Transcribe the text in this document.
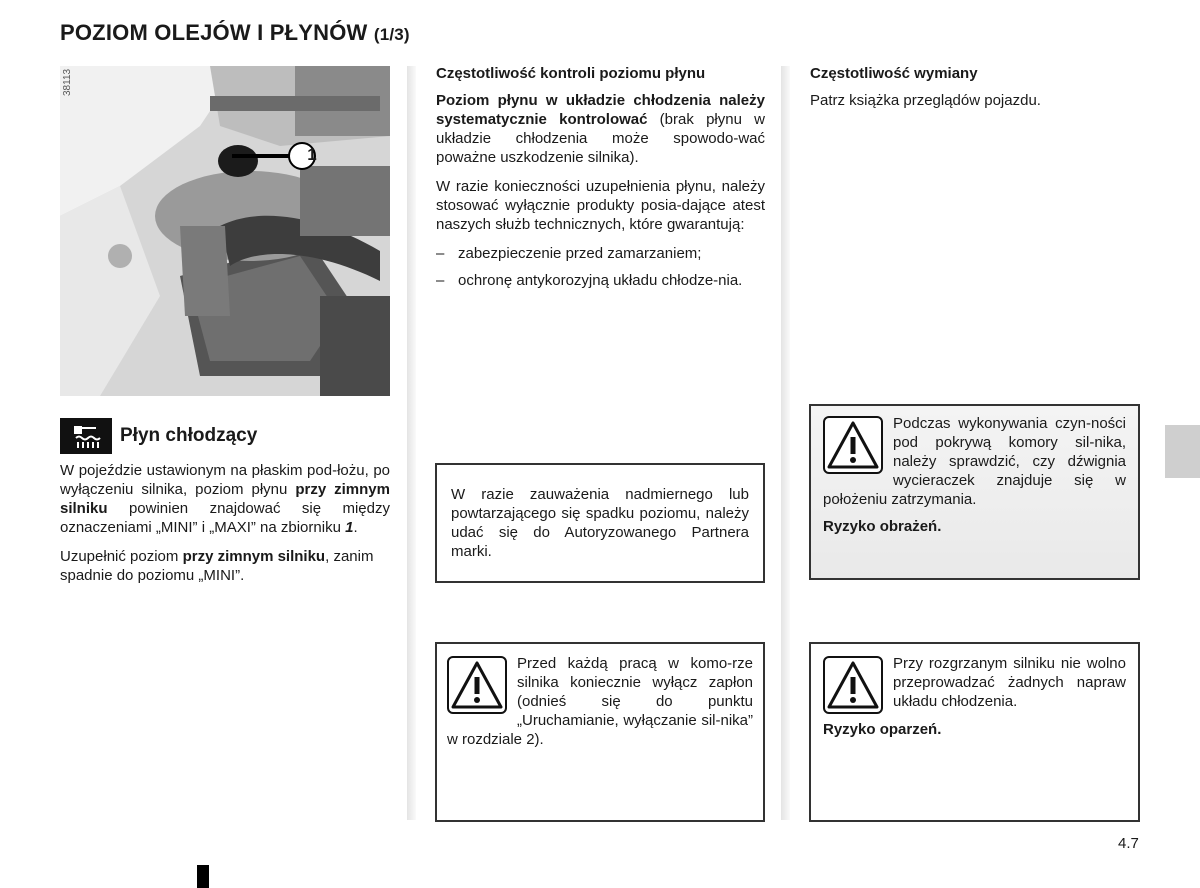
POZIOM OLEJÓW I PŁYNÓW (1/3)
38113
1
Płyn chłodzący

W pojeździe ustawionym na płaskim pod-łożu, po wyłączeniu silnika, poziom płynu przy zimnym silniku powinien znajdować się między oznaczeniami „MINI” i „MAXI” na zbiorniku 1.

Uzupełnić poziom przy zimnym silniku, zanim spadnie do poziomu „MINI”.

Częstotliwość kontroli poziomu płynu

Poziom płynu w układzie chłodzenia należy systematycznie kontrolować (brak płynu w układzie chłodzenia może spowodo-wać poważne uszkodzenie silnika).

W razie konieczności uzupełnienia płynu, należy stosować wyłącznie produkty posia-dające atest naszych służb technicznych, które gwarantują:

– zabezpieczenie przed zamarzaniem;
– ochronę antykorozyjną układu chłodze-nia.
W razie zauważenia nadmiernego lub powtarzającego się spadku poziomu, należy udać się do Autoryzowanego Partnera marki.
Przed każdą pracą w komo-rze silnika koniecznie wyłącz zapłon (odnieś się do punktu „Uruchamianie, wyłączanie sil-nika” w rozdziale 2).

Częstotliwość wymiany

Patrz książka przeglądów pojazdu.

Podczas wykonywania czyn-ności pod pokrywą komory sil-nika, należy sprawdzić, czy dźwignia wycieraczek znajduje się w położeniu zatrzymania.
Ryzyko obrażeń.
Przy rozgrzanym silniku nie wolno przeprowadzać żadnych napraw układu chłodzenia.
Ryzyko oparzeń.
4.7
